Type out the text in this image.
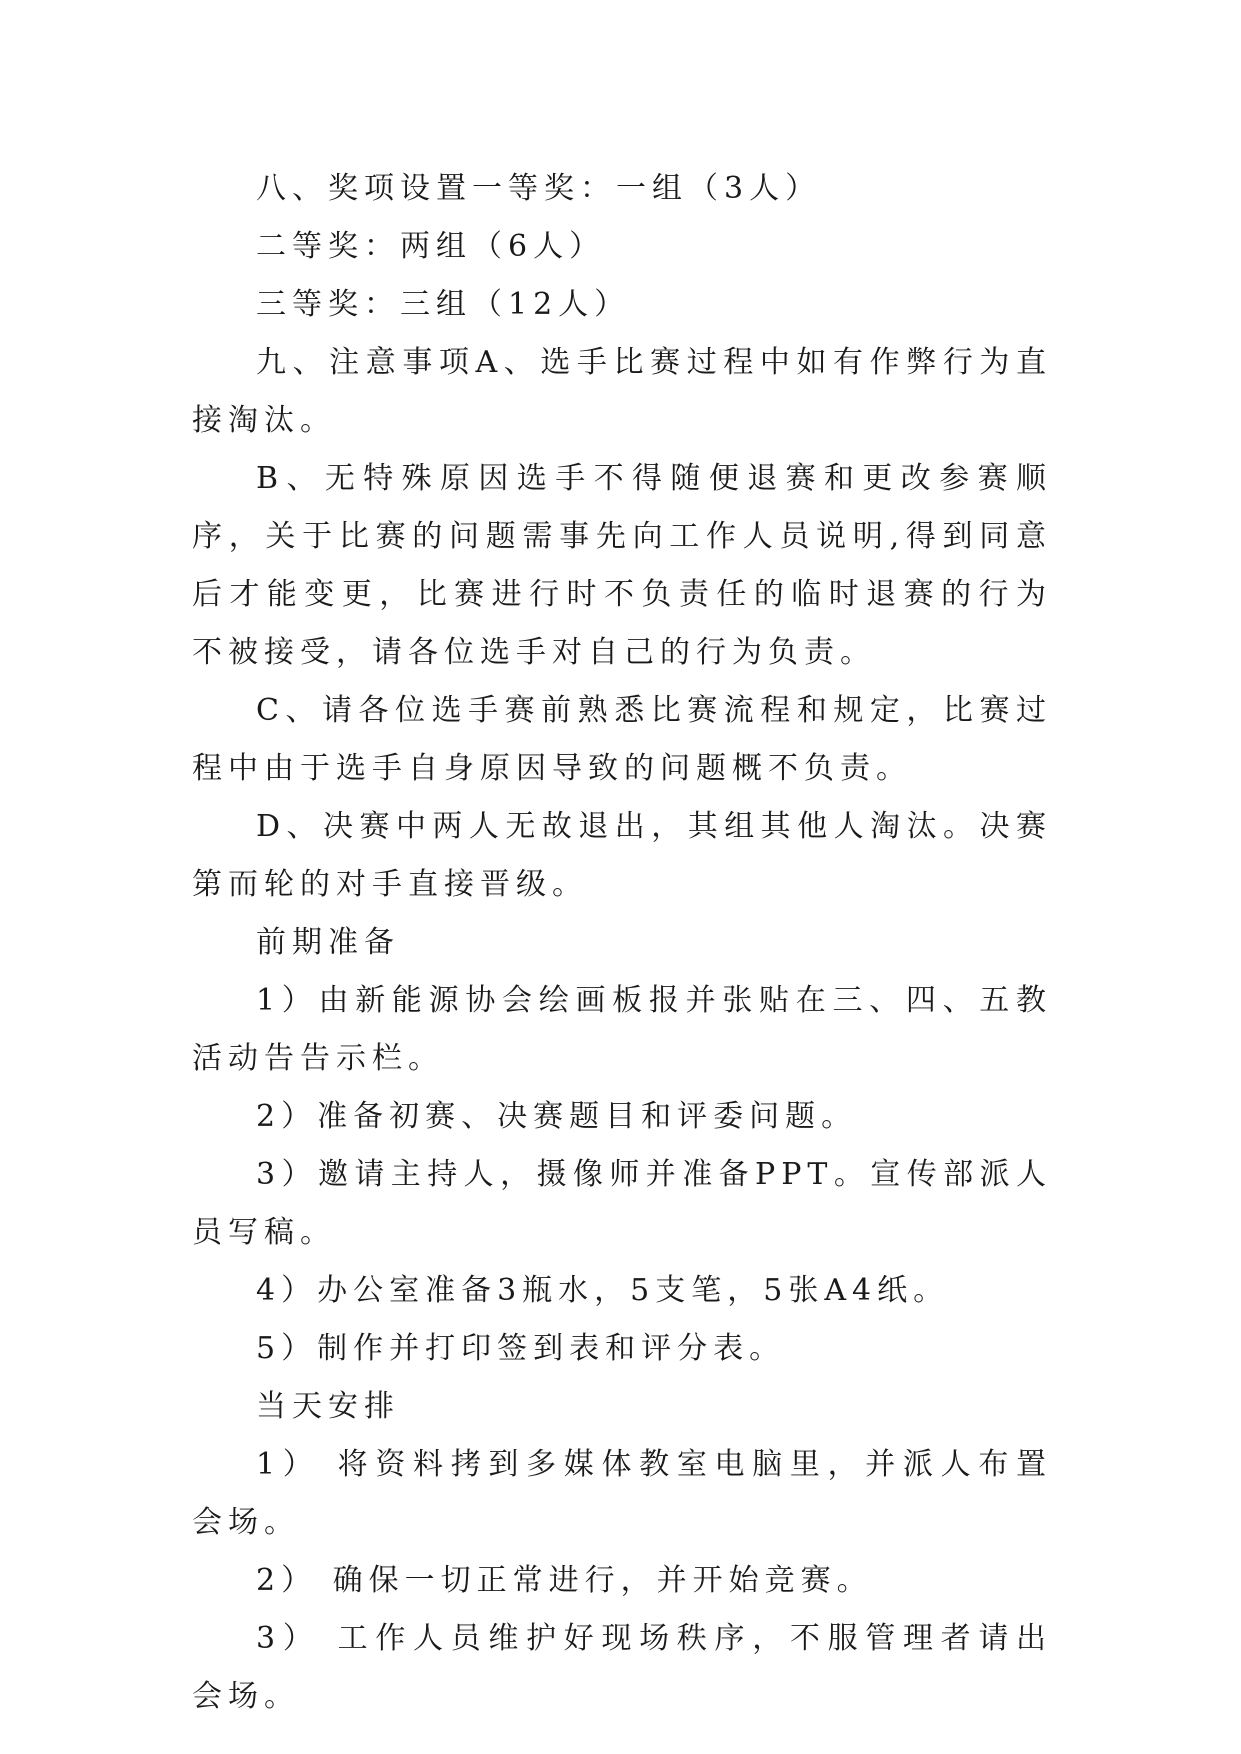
八、奖项设置一等奖：一组（3人）

二等奖：两组（6人）

三等奖：三组（12人）

九、注意事项A、选手比赛过程中如有作弊行为直接淘汰。

B、无特殊原因选手不得随便退赛和更改参赛顺序，关于比赛的问题需事先向工作人员说明,得到同意后才能变更，比赛进行时不负责任的临时退赛的行为不被接受，请各位选手对自己的行为负责。

C、请各位选手赛前熟悉比赛流程和规定，比赛过程中由于选手自身原因导致的问题概不负责。

D、决赛中两人无故退出，其组其他人淘汰。决赛第而轮的对手直接晋级。

前期准备

1）由新能源协会绘画板报并张贴在三、四、五教活动告告示栏。

2）准备初赛、决赛题目和评委问题。

3）邀请主持人，摄像师并准备PPT。宣传部派人员写稿。

4）办公室准备3瓶水，5支笔，5张A4纸。

5）制作并打印签到表和评分表。

当天安排

1） 将资料拷到多媒体教室电脑里，并派人布置会场。

2） 确保一切正常进行，并开始竞赛。

3） 工作人员维护好现场秩序，不服管理者请出会场。
